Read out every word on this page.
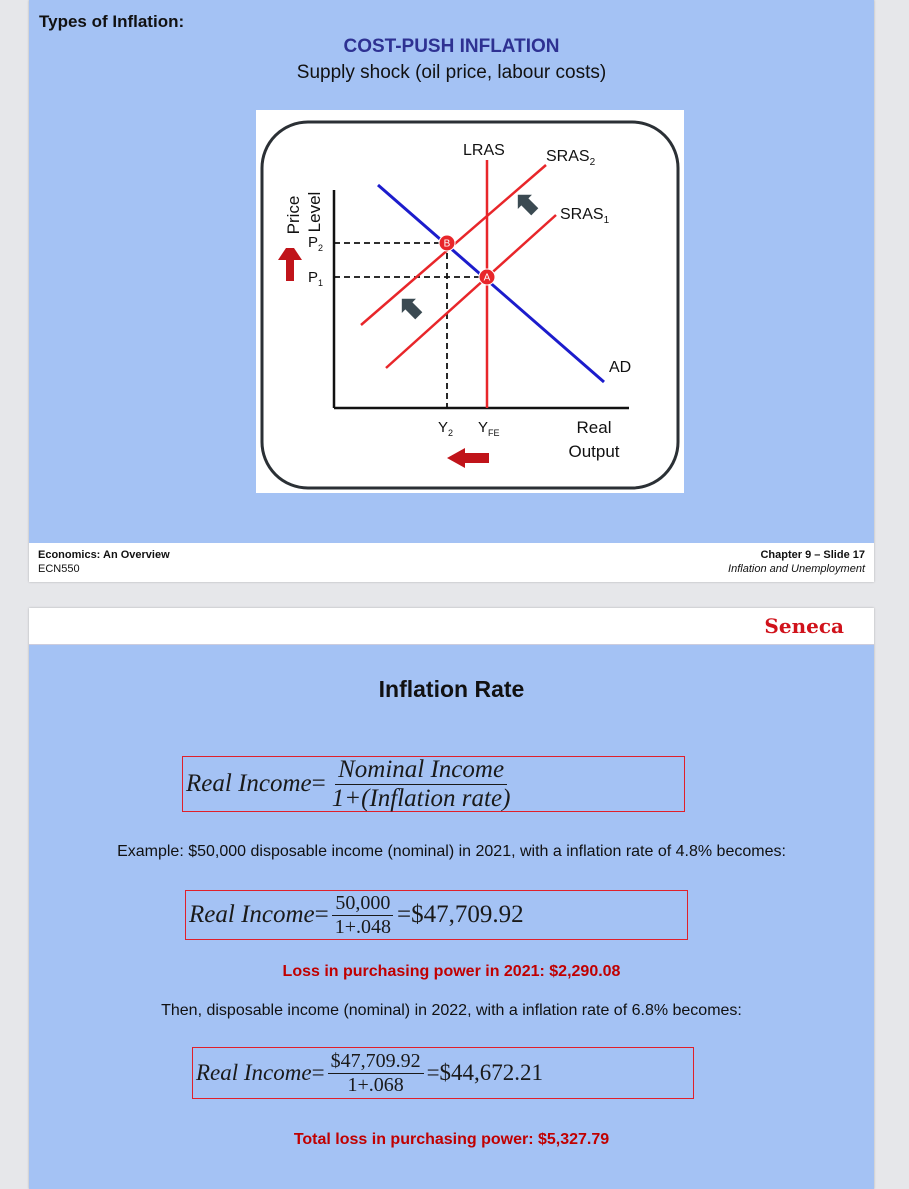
Types of Inflation:
COST-PUSH INFLATION
Supply shock (oil price, labour costs)
B
A
Price Level
$P_2$
$P_1$
LRAS	$SRAS_2$
$SRAS_1$
AD
$Y_2$ $Y_{FE}$	Real
Output
Economics: An Overview
ECN550
Chapter 9 – Slide 17
Inflation and Unemployment
Seneca
Inflation Rate
Real Income = $\frac{\text{Nominal Income}}{\text{1+(Inflation rate)}}$
Example: $50,000 disposable income (nominal) in 2021, with a inflation rate of 4.8% becomes:
Real Income = $\frac{50,000}{1+.048}$ =$47,709.92
Loss in purchasing power in 2021: $2,290.08
Then, disposable income (nominal) in 2022, with a inflation rate of 6.8% becomes:
Real Income = $\frac{\$47,709.92}{1+.068}$ =$44,672.21
Total loss in purchasing power: $5,327.79
